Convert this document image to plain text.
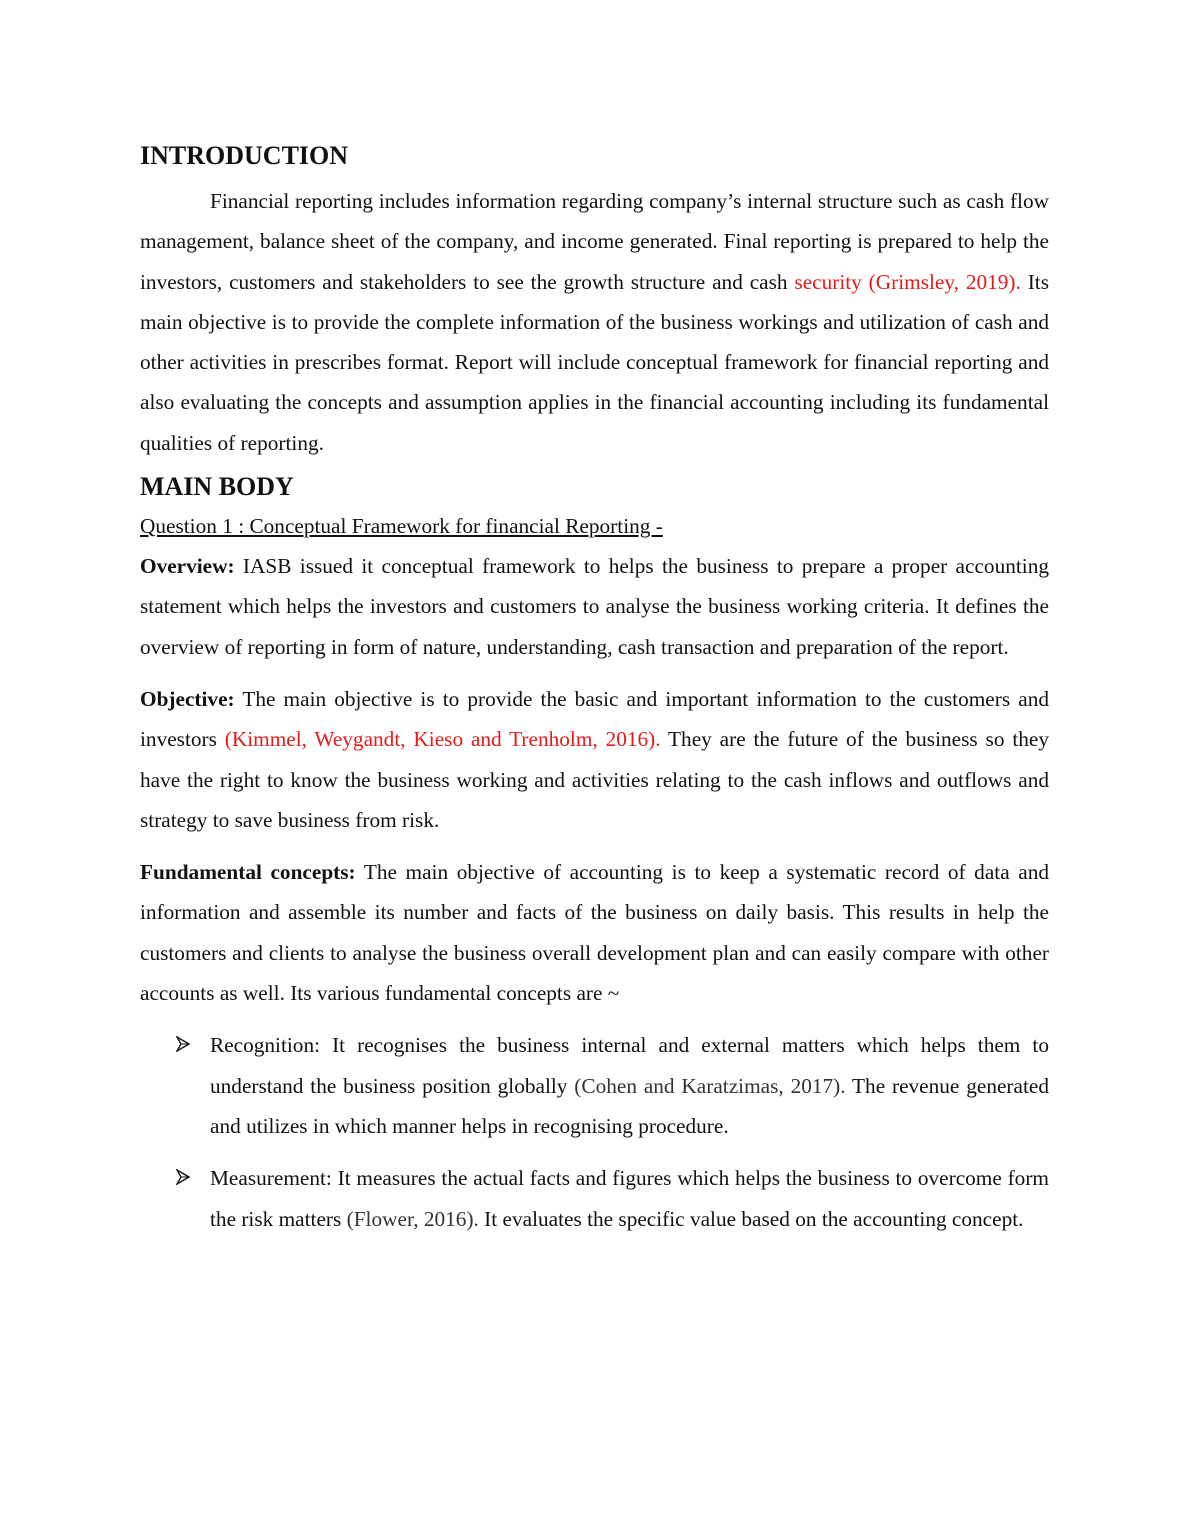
INTRODUCTION

Financial reporting includes information regarding company’s internal structure such as cash flow management, balance sheet of the company, and income generated. Final reporting is prepared to help the investors, customers and stakeholders to see the growth structure and cash security (Grimsley, 2019). Its main objective is to provide the complete information of the business workings and utilization of cash and other activities in prescribes format. Report will include conceptual framework for financial reporting and also evaluating the concepts and assumption applies in the financial accounting including its fundamental qualities of reporting.

MAIN BODY

Question 1 : Conceptual Framework for financial Reporting -

Overview: IASB issued it conceptual framework to helps the business to prepare a proper accounting statement which helps the investors and customers to analyse the business working criteria. It defines the overview of reporting in form of nature, understanding, cash transaction and preparation of the report.

Objective: The main objective is to provide the basic and important information to the customers and investors (Kimmel, Weygandt, Kieso and Trenholm, 2016). They are the future of the business so they have the right to know the business working and activities relating to the cash inflows and outflows and strategy to save business from risk.

Fundamental concepts: The main objective of accounting is to keep a systematic record of data and information and assemble its number and facts of the business on daily basis. This results in help the customers and clients to analyse the business overall development plan and can easily compare with other accounts as well. Its various fundamental concepts are ~

Recognition: It recognises the business internal and external matters which helps them to understand the business position globally (Cohen and Karatzimas, 2017). The revenue generated and utilizes in which manner helps in recognising procedure.

Measurement: It measures the actual facts and figures which helps the business to overcome form the risk matters (Flower, 2016). It evaluates the specific value based on the accounting concept.
